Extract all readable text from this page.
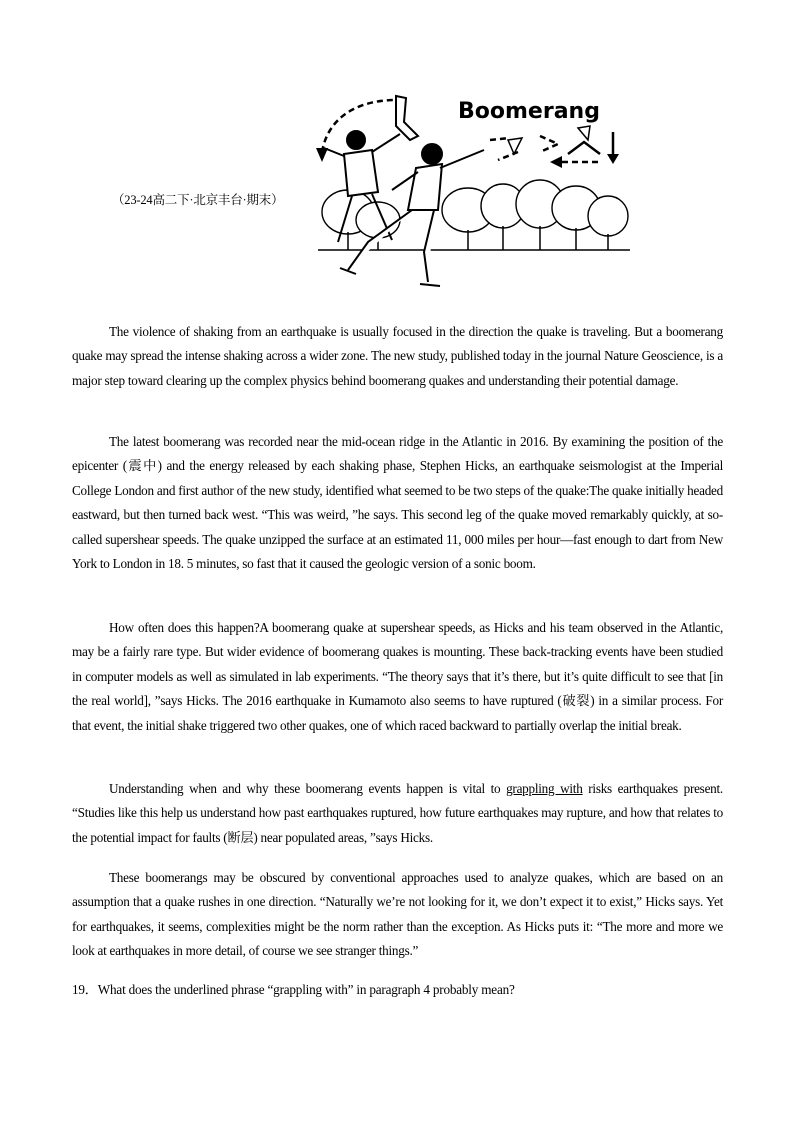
（23-24高二下·北京丰台·期末）
Boomerang

The violence of shaking from an earthquake is usually focused in the direction the quake is traveling. But a boomerang quake may spread the intense shaking across a wider zone. The new study, published today in the journal Nature Geoscience, is a major step toward clearing up the complex physics behind boomerang quakes and understanding their potential damage.

The latest boomerang was recorded near the mid-ocean ridge in the Atlantic in 2016. By examining the position of the epicenter (震中) and the energy released by each shaking phase, Stephen Hicks, an earthquake seismologist at the Imperial College London and first author of the new study, identified what seemed to be two steps of the quake:The quake initially headed eastward, but then turned back west. “This was weird, ”he says. This second leg of the quake moved remarkably quickly, at so-called supershear speeds. The quake unzipped the surface at an estimated 11, 000 miles per hour—fast enough to dart from New York to London in 18. 5 minutes, so fast that it caused the geologic version of a sonic boom.

How often does this happen?A boomerang quake at supershear speeds, as Hicks and his team observed in the Atlantic, may be a fairly rare type. But wider evidence of boomerang quakes is mounting. These back-tracking events have been studied in computer models as well as simulated in lab experiments. “The theory says that it’s there, but it’s quite difficult to see that [in the real world], ”says Hicks. The 2016 earthquake in Kumamoto also seems to have ruptured (破裂) in a similar process. For that event, the initial shake triggered two other quakes, one of which raced backward to partially overlap the initial break.

Understanding when and why these boomerang events happen is vital to grappling with risks earthquakes present. “Studies like this help us understand how past earthquakes ruptured, how future earthquakes may rupture, and how that relates to the potential impact for faults (断层) near populated areas, ”says Hicks.

These boomerangs may be obscured by conventional approaches used to analyze quakes, which are based on an assumption that a quake rushes in one direction. “Naturally we’re not looking for it, we don’t expect it to exist,” Hicks says. Yet for earthquakes, it seems, complexities might be the norm rather than the exception. As Hicks puts it: “The more and more we look at earthquakes in more detail, of course we see stranger things.”

19．What does the underlined phrase “grappling with” in paragraph 4 probably mean?
